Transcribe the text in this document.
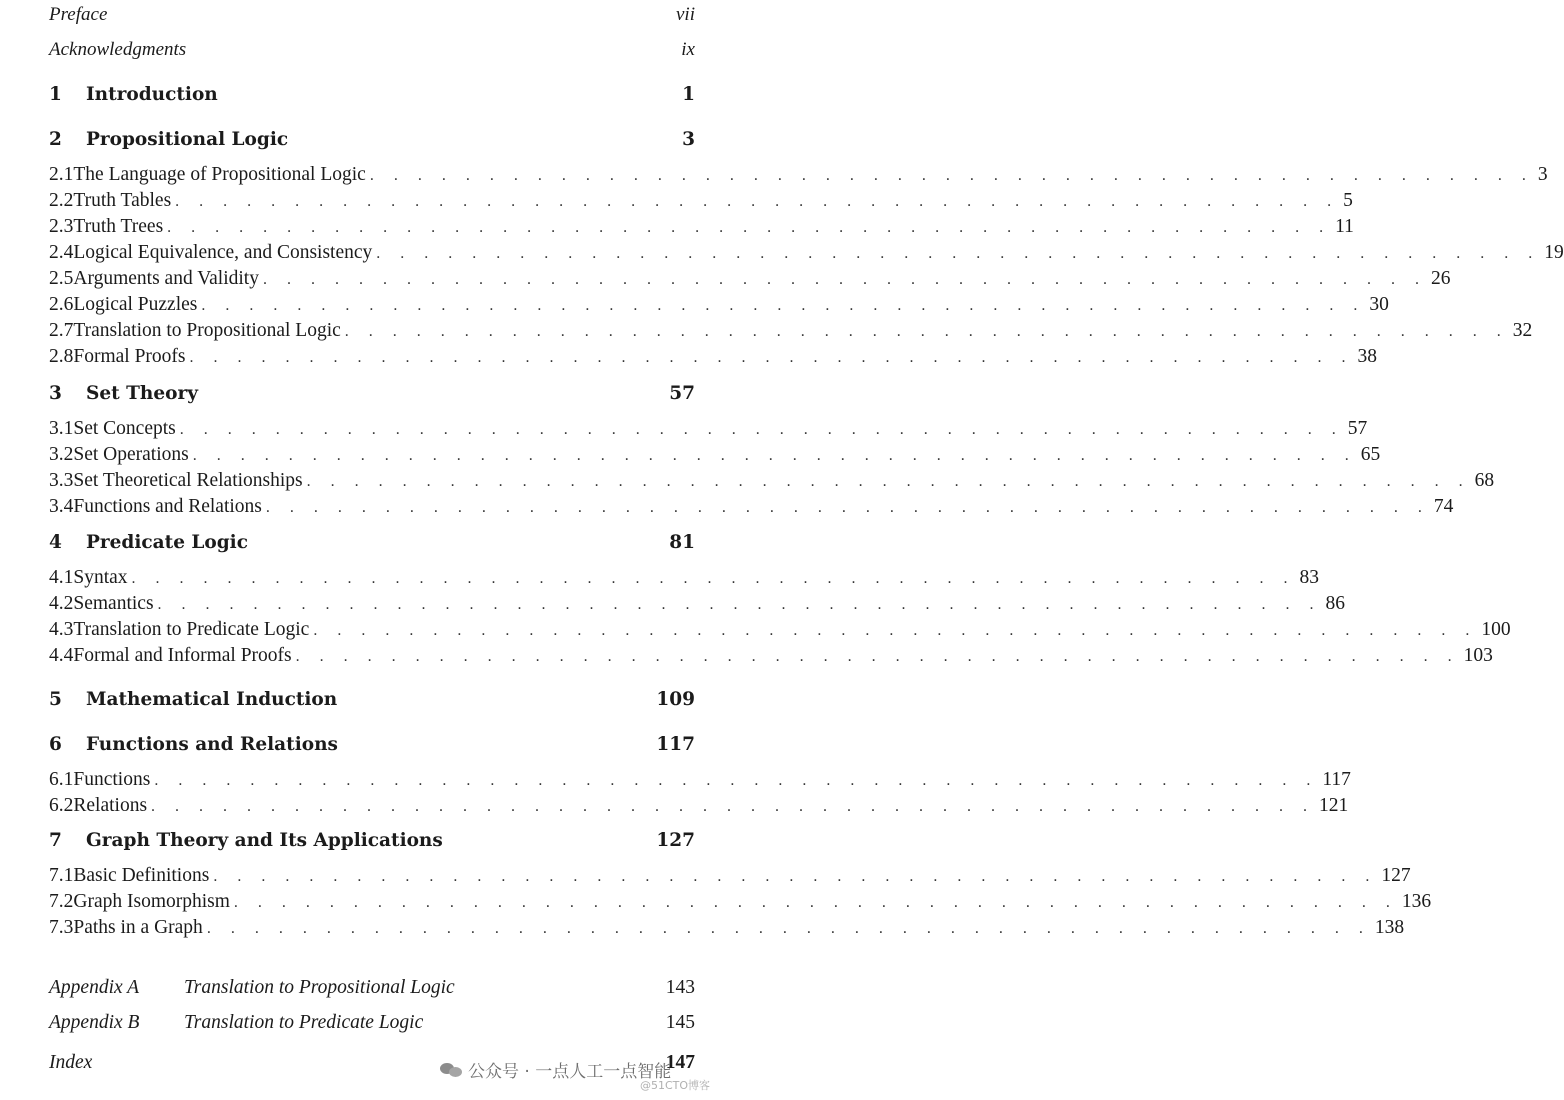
Preface	vii
Acknowledgments	ix
1	Introduction	1
2	Propositional Logic	3
2.1 The Language of Propositional Logic . . . . . . . . . . . . . . . . . . . . . . . . . . . . . . . . . . . . . . . . . . . . . . . . . 3
2.2 Truth Tables . . . . . . . . . . . . . . . . . . . . . . . . . . . . . . . . . . . . . . . . . . . . . . . . . 5
2.3 Truth Trees . . . . . . . . . . . . . . . . . . . . . . . . . . . . . . . . . . . . . . . . . . . . . . . . . 11
2.4 Logical Equivalence, and Consistency . . . . . . . . . . . . . . . . . . . . . . . . . . . . . . . . . . . . . . . . . . . . . . . . . 19
2.5 Arguments and Validity . . . . . . . . . . . . . . . . . . . . . . . . . . . . . . . . . . . . . . . . . . . . . . . . . 26
2.6 Logical Puzzles . . . . . . . . . . . . . . . . . . . . . . . . . . . . . . . . . . . . . . . . . . . . . . . . . 30
2.7 Translation to Propositional Logic . . . . . . . . . . . . . . . . . . . . . . . . . . . . . . . . . . . . . . . . . . . . . . . . . 32
2.8 Formal Proofs . . . . . . . . . . . . . . . . . . . . . . . . . . . . . . . . . . . . . . . . . . . . . . . . . 38
3	Set Theory	57
3.1 Set Concepts . . . . . . . . . . . . . . . . . . . . . . . . . . . . . . . . . . . . . . . . . . . . . . . . . 57
3.2 Set Operations . . . . . . . . . . . . . . . . . . . . . . . . . . . . . . . . . . . . . . . . . . . . . . . . . 65
3.3 Set Theoretical Relationships . . . . . . . . . . . . . . . . . . . . . . . . . . . . . . . . . . . . . . . . . . . . . . . . . 68
3.4 Functions and Relations . . . . . . . . . . . . . . . . . . . . . . . . . . . . . . . . . . . . . . . . . . . . . . . . . 74
4	Predicate Logic	81
4.1 Syntax . . . . . . . . . . . . . . . . . . . . . . . . . . . . . . . . . . . . . . . . . . . . . . . . . 83
4.2 Semantics . . . . . . . . . . . . . . . . . . . . . . . . . . . . . . . . . . . . . . . . . . . . . . . . . 86
4.3 Translation to Predicate Logic . . . . . . . . . . . . . . . . . . . . . . . . . . . . . . . . . . . . . . . . . . . . . . . . . 100
4.4 Formal and Informal Proofs . . . . . . . . . . . . . . . . . . . . . . . . . . . . . . . . . . . . . . . . . . . . . . . . . 103
5	Mathematical Induction	109
6	Functions and Relations	117
6.1 Functions . . . . . . . . . . . . . . . . . . . . . . . . . . . . . . . . . . . . . . . . . . . . . . . . . 117
6.2 Relations . . . . . . . . . . . . . . . . . . . . . . . . . . . . . . . . . . . . . . . . . . . . . . . . . 121
7	Graph Theory and Its Applications	127
7.1 Basic Definitions . . . . . . . . . . . . . . . . . . . . . . . . . . . . . . . . . . . . . . . . . . . . . . . . . 127
7.2 Graph Isomorphism . . . . . . . . . . . . . . . . . . . . . . . . . . . . . . . . . . . . . . . . . . . . . . . . . 136
7.3 Paths in a Graph . . . . . . . . . . . . . . . . . . . . . . . . . . . . . . . . . . . . . . . . . . . . . . . . . 138
Appendix A	Translation to Propositional Logic	143
Appendix B	Translation to Predicate Logic	145
Index	147
公众号 · 一点人工一点智能
@51CTO博客
